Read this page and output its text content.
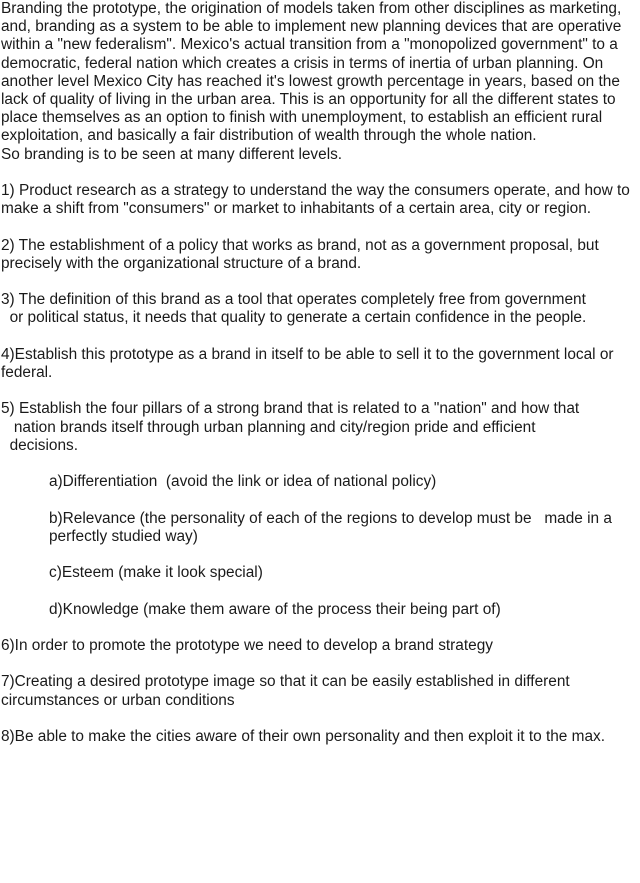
Branding the prototype, the origination of models taken from other disciplines as marketing, and, branding as a system to be able to implement new planning devices that are operative within a "new federalism". Mexico's actual transition from a "monopolized government" to a democratic, federal nation which creates a crisis in terms of inertia of urban planning. On another level Mexico City has reached it's lowest growth percentage in years, based on the lack of quality of living in the urban area. This is an opportunity for all the different states to place themselves as an option to finish with unemployment, to establish an efficient rural exploitation, and basically a fair distribution of wealth through the whole nation.

So branding is to be seen at many different levels.

1) Product research as a strategy to understand the way the consumers operate, and how to make a shift from "consumers" or market to inhabitants of a certain area, city or region.

2) The establishment of a policy that works as brand, not as a government proposal, but precisely with the organizational structure of a brand.

3) The definition of this brand as a tool that operates completely free from government
or political status, it needs that quality to generate a certain confidence in the people.

4)Establish this prototype as a brand in itself to be able to sell it to the government local or federal.

5) Establish the four pillars of a strong brand that is related to a "nation" and how that
nation brands itself through urban planning and city/region pride and efficient
decisions.

a)Differentiation  (avoid the link or idea of national policy)

b)Relevance (the personality of each of the regions to develop must be   made in a perfectly studied way)

c)Esteem (make it look special)

d)Knowledge (make them aware of the process their being part of)

6)In order to promote the prototype we need to develop a brand strategy

7)Creating a desired prototype image so that it can be easily established in different circumstances or urban conditions

8)Be able to make the cities aware of their own personality and then exploit it to the max.
